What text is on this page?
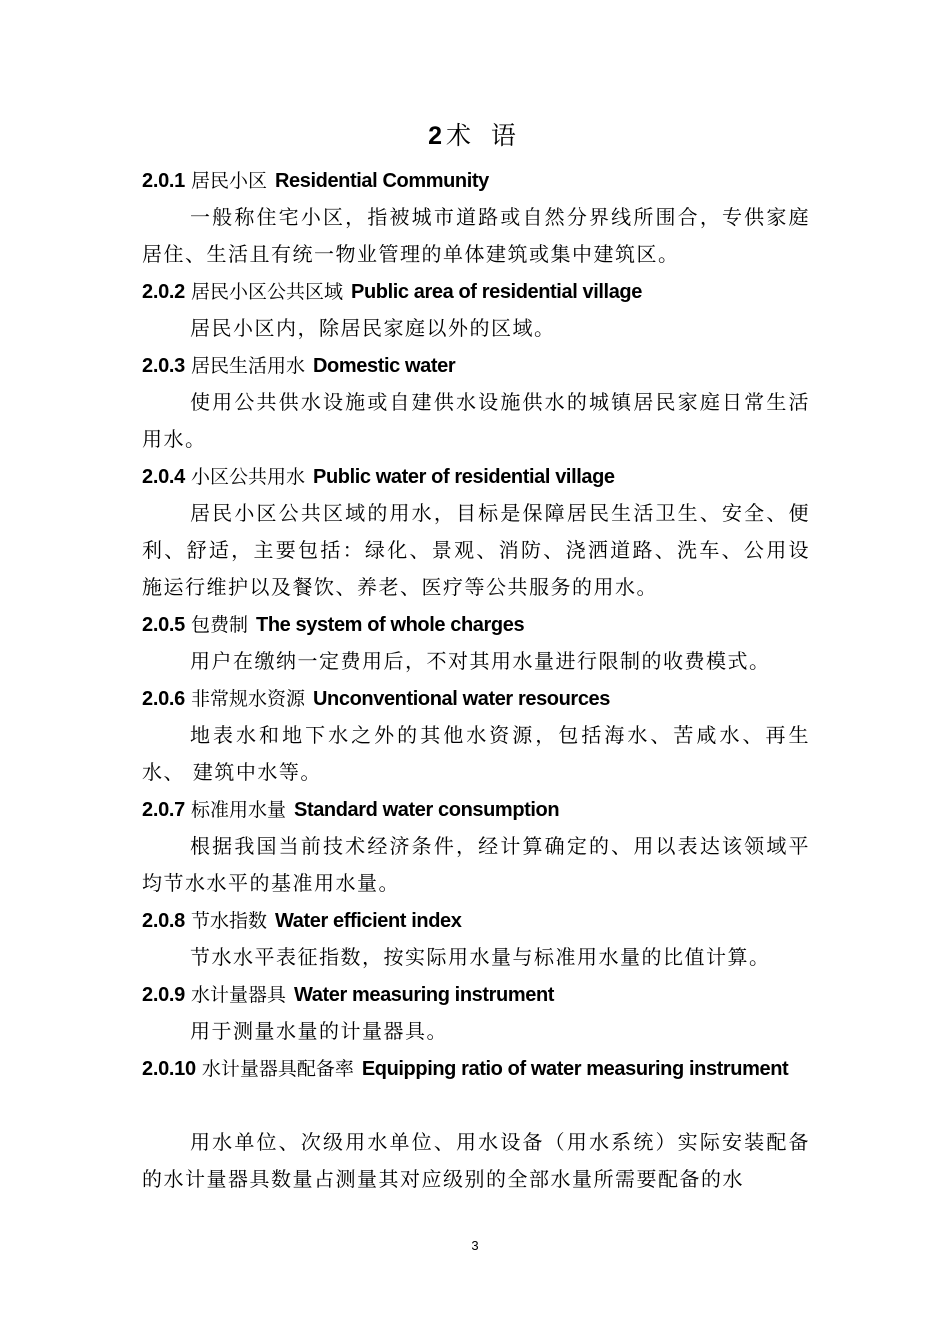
2 术 语
2.0.1 居民小区 Residential Community

一般称住宅小区，指被城市道路或自然分界线所围合，专供家庭 居住、生活且有统一物业管理的单体建筑或集中建筑区。

2.0.2 居民小区公共区域 Public area of residential village

居民小区内，除居民家庭以外的区域。

2.0.3 居民生活用水 Domestic water

使用公共供水设施或自建供水设施供水的城镇居民家庭日常生活用水。

2.0.4 小区公共用水 Public water of residential village

居民小区公共区域的用水，目标是保障居民生活卫生、安全、便 利、舒适，主要包括：绿化、景观、消防、浇洒道路、洗车、公用设 施运行维护以及餐饮、养老、医疗等公共服务的用水。

2.0.5 包费制 The system of whole charges

用户在缴纳一定费用后，不对其用水量进行限制的收费模式。

2.0.6 非常规水资源 Unconventional water resources

地表水和地下水之外的其他水资源，包括海水、苦咸水、再生水、 建筑中水等。

2.0.7 标准用水量 Standard water consumption

根据我国当前技术经济条件，经计算确定的、用以表达该领域平 均节水水平的基准用水量。

2.0.8 节水指数 Water efficient index

节水水平表征指数，按实际用水量与标准用水量的比值计算。

2.0.9 水计量器具 Water measuring instrument

用于测量水量的计量器具。

2.0.10 水计量器具配备率 Equipping ratio of water measuring instrument

用水单位、次级用水单位、用水设备（用水系统）实际安装配备 的水计量器具数量占测量其对应级别的全部水量所需要配备的水

3
